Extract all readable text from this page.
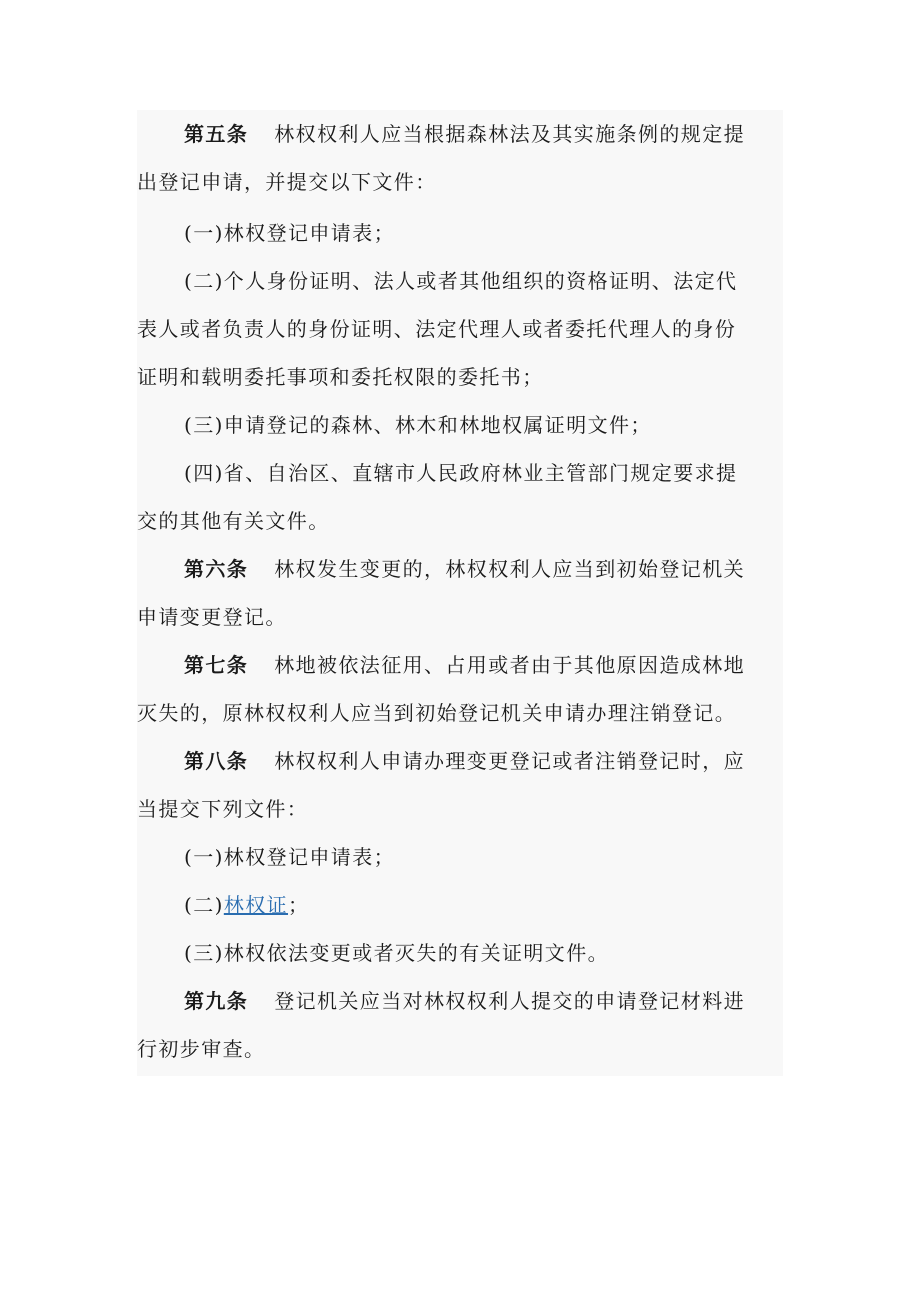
第五条 林权权利人应当根据森林法及其实施条例的规定提
出登记申请，并提交以下文件：
(一)林权登记申请表；
(二)个人身份证明、法人或者其他组织的资格证明、法定代
表人或者负责人的身份证明、法定代理人或者委托代理人的身份
证明和载明委托事项和委托权限的委托书；
(三)申请登记的森林、林木和林地权属证明文件；
(四)省、自治区、直辖市人民政府林业主管部门规定要求提
交的其他有关文件。
第六条 林权发生变更的，林权权利人应当到初始登记机关
申请变更登记。
第七条 林地被依法征用、占用或者由于其他原因造成林地
灭失的，原林权权利人应当到初始登记机关申请办理注销登记。
第八条 林权权利人申请办理变更登记或者注销登记时，应
当提交下列文件：
(一)林权登记申请表；
(二)林权证；
(三)林权依法变更或者灭失的有关证明文件。
第九条 登记机关应当对林权权利人提交的申请登记材料进
行初步审查。
